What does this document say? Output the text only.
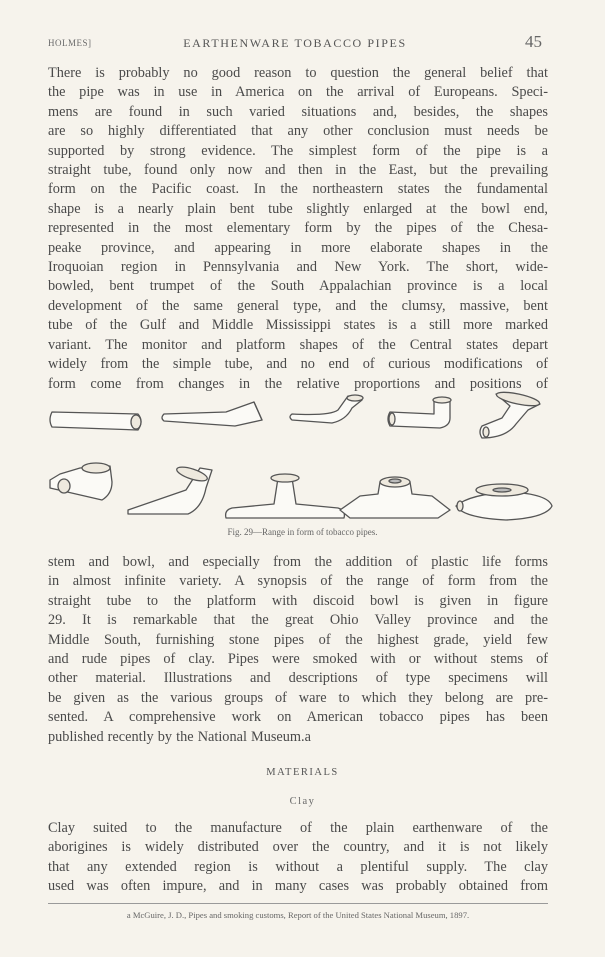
HOLMES]	EARTHENWARE TOBACCO PIPES	45
There is probably no good reason to question the general belief that
the pipe was in use in America on the arrival of Europeans. Speci-
mens are found in such varied situations and, besides, the shapes
are so highly differentiated that any other conclusion must needs be
supported by strong evidence. The simplest form of the pipe is a
straight tube, found only now and then in the East, but the prevailing
form on the Pacific coast. In the northeastern states the fundamental
shape is a nearly plain bent tube slightly enlarged at the bowl end,
represented in the most elementary form by the pipes of the Chesa-
peake province, and appearing in more elaborate shapes in the
Iroquoian region in Pennsylvania and New York. The short, wide-
bowled, bent trumpet of the South Appalachian province is a local
development of the same general type, and the clumsy, massive, bent
tube of the Gulf and Middle Mississippi states is a still more marked
variant. The monitor and platform shapes of the Central states depart
widely from the simple tube, and no end of curious modifications of
form come from changes in the relative proportions and positions of
Fig. 29—Range in form of tobacco pipes.
stem and bowl, and especially from the addition of plastic life forms
in almost infinite variety. A synopsis of the range of form from the
straight tube to the platform with discoid bowl is given in figure
29. It is remarkable that the great Ohio Valley province and the
Middle South, furnishing stone pipes of the highest grade, yield few
and rude pipes of clay. Pipes were smoked with or without stems of
other material. Illustrations and descriptions of type specimens will
be given as the various groups of ware to which they belong are pre-
sented. A comprehensive work on American tobacco pipes has been
published recently by the National Museum.a
MATERIALS
Clay
Clay suited to the manufacture of the plain earthenware of the
aborigines is widely distributed over the country, and it is not likely
that any extended region is without a plentiful supply. The clay
used was often impure, and in many cases was probably obtained from
a McGuire, J. D., Pipes and smoking customs, Report of the United States National Museum, 1897.
